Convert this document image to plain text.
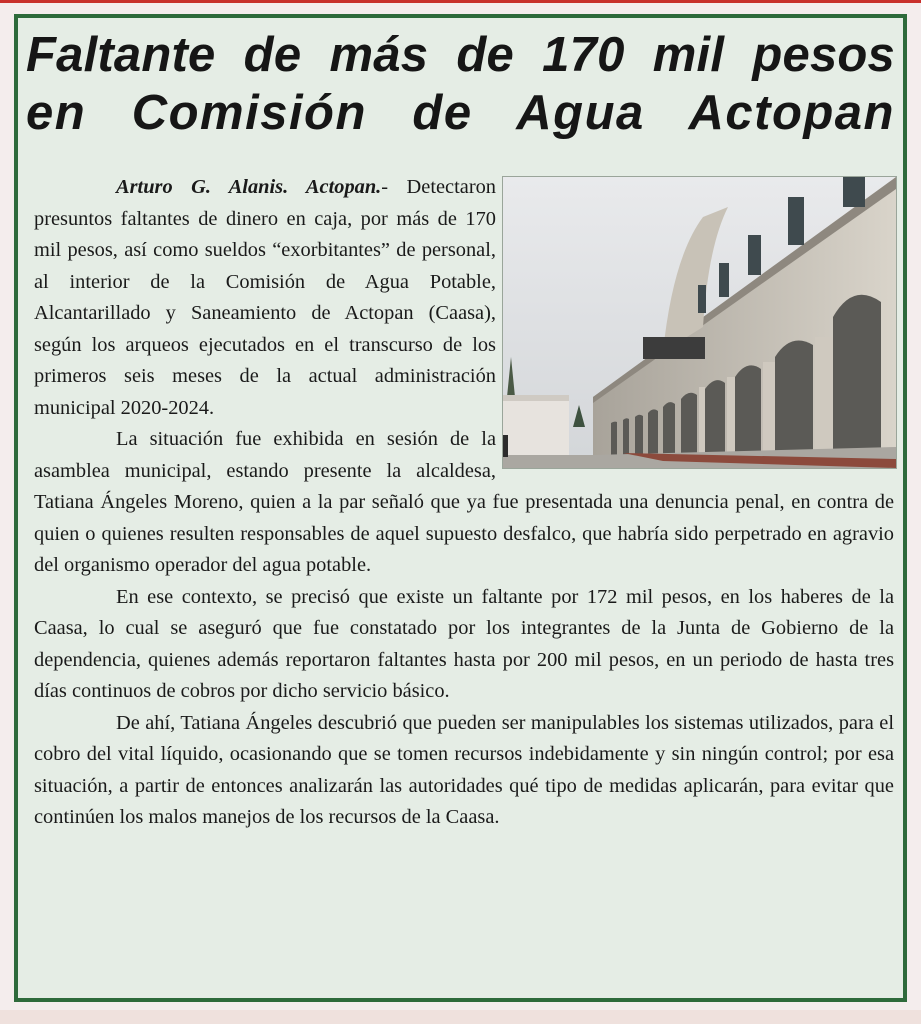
Faltante de más de 170 mil pesos
en Comisión de Agua Actopan

Arturo G. Alanis. Actopan.- Detectaron presuntos faltantes de dinero en caja, por más de 170 mil pesos, así como sueldos “exorbitantes” de personal, al interior de la Comisión de Agua Potable, Alcantarillado y Saneamiento de Actopan (Caasa), según los arqueos ejecutados en el transcurso de los primeros seis meses de la actual administración municipal 2020-2024.

La situación fue exhibida en sesión de la asamblea municipal, estando presente la alcaldesa, Tatiana Ángeles Moreno, quien a la par señaló que ya fue presentada una denuncia penal, en contra de quien o quienes resulten responsables de aquel supuesto desfalco, que habría sido perpetrado en agravio del organismo operador del agua potable.

En ese contexto, se precisó que existe un faltante por 172 mil pesos, en los haberes de la Caasa, lo cual se aseguró que fue constatado por los integrantes de la Junta de Gobierno de la dependencia, quienes además reportaron faltantes hasta por 200 mil pesos, en un periodo de hasta tres días continuos de cobros por dicho servicio básico.

De ahí, Tatiana Ángeles descubrió que pueden ser manipulables los sistemas utilizados, para el cobro del vital líquido, ocasionando que se tomen recursos indebidamente y sin ningún control; por esa situación, a partir de entonces analizarán las autoridades qué tipo de medidas aplicarán, para evitar que continúen los malos manejos de los recursos de la Caasa.
